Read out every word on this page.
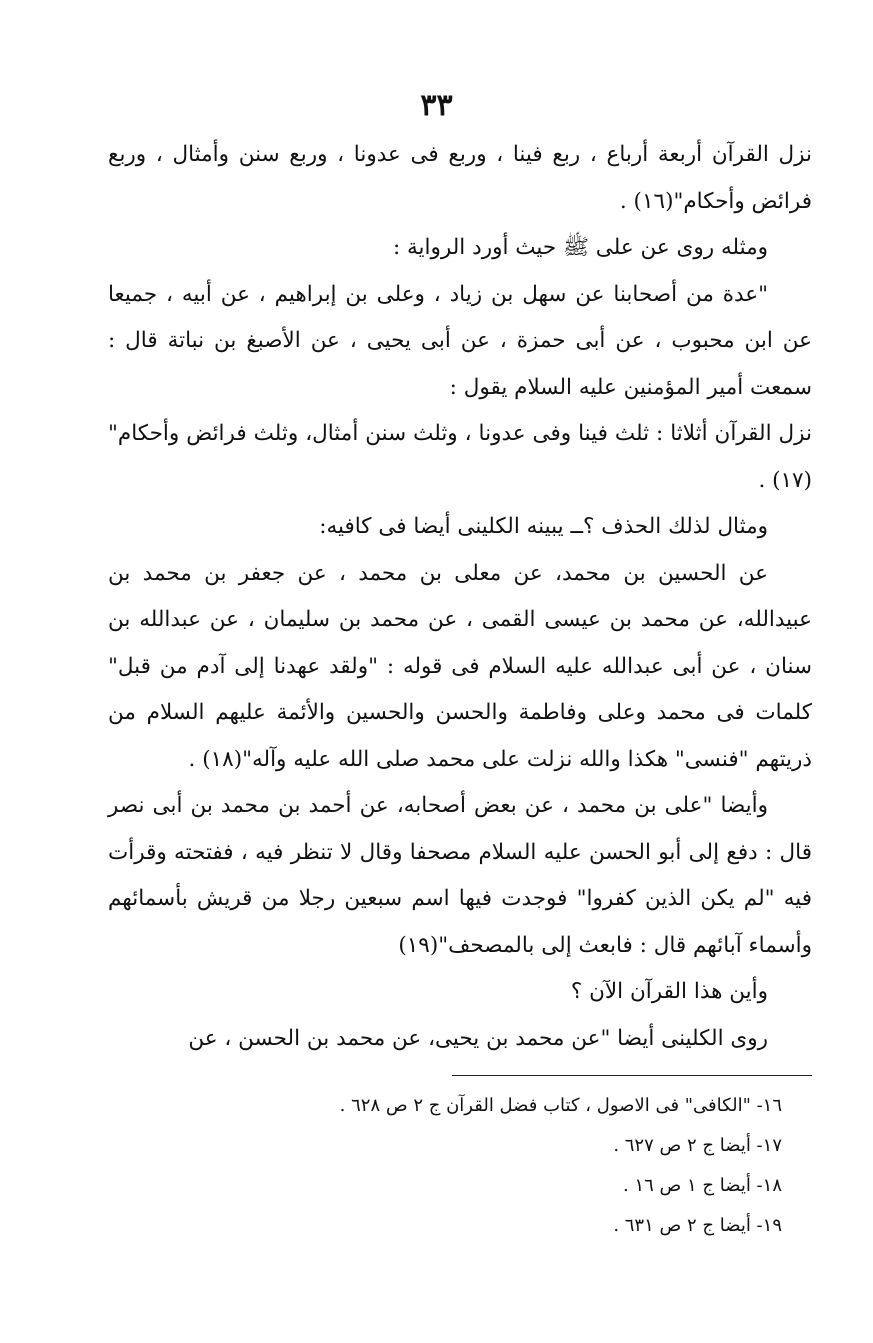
٣٣

نزل القرآن أربعة أرباع ، ربع فينا ، وربع فى عدونا ، وربع سنن وأمثال ، وربع فرائض وأحكام"(١٦) .

ومثله روى عن على ﷺ حيث أورد الرواية :

"عدة من أصحابنا عن سهل بن زياد ، وعلى بن إبراهيم ، عن أبيه ، جميعا عن ابن محبوب ، عن أبى حمزة ، عن أبى يحيى ، عن الأصبغ بن نباتة قال : سمعت أمير المؤمنين عليه السلام يقول :

نزل القرآن أثلاثا : ثلث فينا وفى عدونا ، وثلث سنن أمثال، وثلث فرائض وأحكام"(١٧) .

ومثال لذلك الحذف ؟ــ يبينه الكلينى أيضا فى كافيه:

عن الحسين بن محمد، عن معلى بن محمد ، عن جعفر بن محمد بن عبيدالله، عن محمد بن عيسى القمى ، عن محمد بن سليمان ، عن عبدالله بن سنان ، عن أبى عبدالله عليه السلام فى قوله : "ولقد عهدنا إلى آدم من قبل" كلمات فى محمد وعلى وفاطمة والحسن والحسين والأئمة عليهم السلام من ذريتهم "فنسى" هكذا والله نزلت على محمد صلى الله عليه وآله"(١٨) .

وأيضا "على بن محمد ، عن بعض أصحابه، عن أحمد بن محمد بن أبى نصر قال : دفع إلى أبو الحسن عليه السلام مصحفا وقال لا تنظر فيه ، ففتحته وقرأت فيه "لم يكن الذين كفروا" فوجدت فيها اسم سبعين رجلا من قريش بأسمائهم وأسماء آبائهم قال : فابعث إلى بالمصحف"(١٩)

وأين هذا القرآن الآن ؟

روى الكلينى أيضا "عن محمد بن يحيى، عن محمد بن الحسن ، عن

١٦- "الكافى" فى الاصول ، كتاب فضل القرآن ج ٢ ص ٦٢٨ .
١٧- أيضا ج ٢ ص ٦٢٧ .
١٨- أيضا ج ١ ص ١٦ .
١٩- أيضا ج ٢ ص ٦٣١ .
